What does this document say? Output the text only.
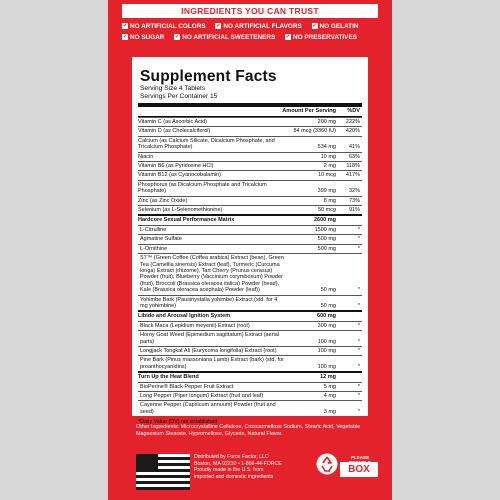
INGREDIENTS YOU CAN TRUST
✓ NO ARTIFICIAL COLORS ✓ NO ARTIFICIAL FLAVORS ✓ NO GELATIN
✓ NO SUGAR ✓ NO ARTIFICIAL SWEETENERS ✓ NO PRESERVATIVES
Supplement Facts
Serving Size 4 Tablets
Servings Per Container 15
Amount Per Serving %DV
Vitamin C (as Ascorbic Acid)	200 mg 222%
Vitamin D (as Cholecalciferol)	84 mcg (3360 IU) 420%
Calcium (as Calcium Silicate, Dicalcium Phosphate, and Tricalcium Phosphate)	534 mg 41%
Niacin	10 mg 63%
Vitamin B6 (as Pyridoxine HCl)	2 mg 118%
Vitamin B12 (as Cyanocobalamin)	10 mcg 417%
Phosphorus (as Dicalcium Phosphate and Tricalcium Phosphate)	399 mg 32%
Zinc (as Zinc Oxide)	8 mg 73%
Selenium (as L-Selenomethionine)	50 mcg 91%
Hardcore Sexual Performance Matrix	2600 mg
L-Citrulline	1500 mg	*
Agmatine Sulfate	500 mg	*
L-Ornithine	500 mg	*
S7™ (Green Coffee (Coffea arabica) Extract (bean), Green Tea (Camellia sinensis) Extract (leaf), Turmeric (Curcuma longa) Extract (rhizome), Tart Cherry (Prunus cerasus) Powder (fruit), Blueberry (Vaccinium corymbosum) Powder (fruit), Broccoli (Brassica oleracea italica) Powder (head), Kale (Brassica oleracea acephala) Powder (leaf))	50 mg	*
Yohimbe Bark (Pausinystalia yohimbe) Extract (std. for 4 mg yohimbine)	50 mg	*
Libido and Arousal Ignition System	600 mg
Black Maca (Lepidium meyenii) Extract (root)	300 mg	*
Horny Goat Weed (Epimedium sagittatum) Extract (aerial parts)	100 mg	*
Longjack Tongkat Ali (Eurycoma longifolia) Extract (root)	100 mg	*
Pine Bark (Pinus massoniana Lamb) Extract (bark) (std. for proanthocyanidins)	100 mg	*
Turn Up the Heat Blend	12 mg
BioPerine® Black Pepper Fruit Extract	5 mg	*
Long Pepper (Piper longum) Extract (fruit and leaf)	4 mg	*
Cayenne Pepper (Capsicum annuum) Powder (fruit and seed)	3 mg	*
*Daily Value (DV) not established
Other Ingredients: Microcrystalline Cellulose, Croscarmellose Sodium, Stearic Acid, Vegetable Magnesium Stearate, Hypromellose, Glycerin, Natural Flavor.
Distributed by Force Factor, LLC
Boston, MA 02210 • 1-866-44-FORCE
Proudly made in the U.S. from
imported and domestic ingredients
PLEASE
BOX
